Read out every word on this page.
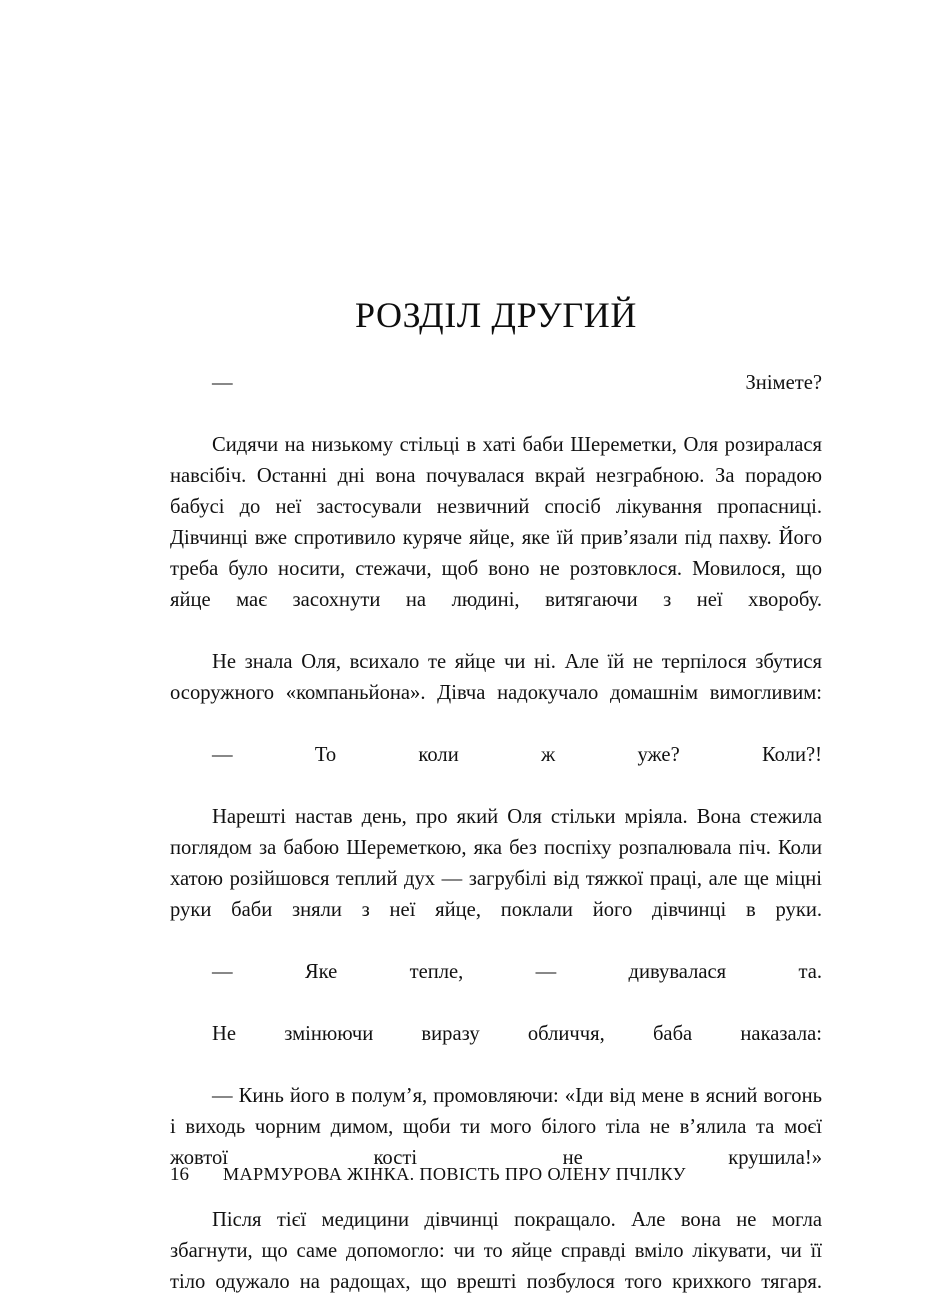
РОЗДІЛ ДРУГИЙ

— Знімете?

Сидячи на низькому стільці в хаті баби Шереметки, Оля розиралася навсібіч. Останні дні вона почувалася вкрай незграбною. За порадою бабусі до неї застосували незвичний спосіб лікування пропасниці. Дівчинці вже спротивило куряче яйце, яке їй прив’язали під пахву. Його треба було носити, стежачи, щоб воно не розтовклося. Мовилося, що яйце має засохнути на людині, витягаючи з неї хворобу.

Не знала Оля, всихало те яйце чи ні. Але їй не терпілося збутися осоружного «компаньйона». Дівча надокучало домашнім вимогливим:

— То коли ж уже? Коли?!

Нарешті настав день, про який Оля стільки мріяла. Вона стежила поглядом за бабою Шереметкою, яка без поспіху розпалювала піч. Коли хатою розійшовся теплий дух — загрубілі від тяжкої праці, але ще міцні руки баби зняли з неї яйце, поклали його дівчинці в руки.

— Яке тепле, — дивувалася та.

Не змінюючи виразу обличчя, баба наказала:

— Кинь його в полум’я, промовляючи: «Іди від мене в ясний вогонь і виходь чорним димом, щоби ти мого білого тіла не в’ялила та моєї жовтої кості не крушила!»

Після тієї медицини дівчинці покращало. Але вона не могла збагнути, що саме допомогло: чи то яйце справді вміло лікувати, чи її тіло одужало на радощах, що врешті позбулося того крихкого тягаря.

16 МАРМУРОВА ЖІНКА. ПОВІСТЬ ПРО ОЛЕНУ ПЧІЛКУ
